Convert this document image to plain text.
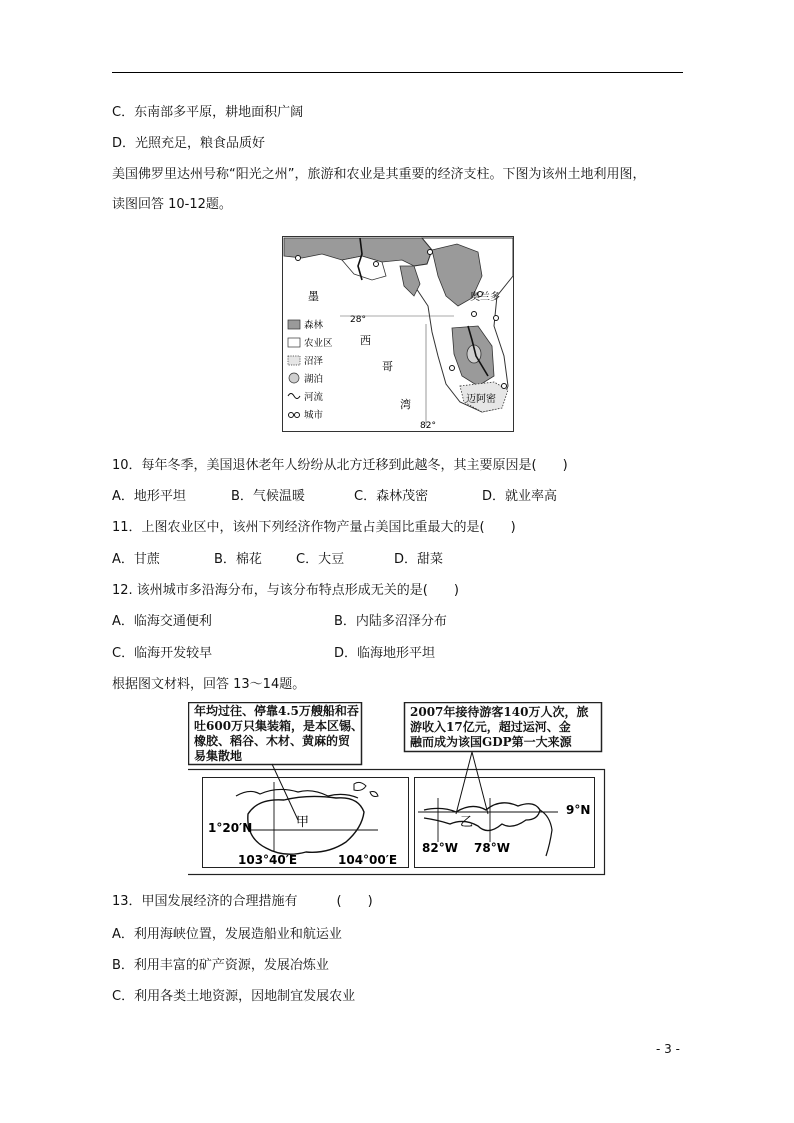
C．东南部多平原，耕地面积广阔
D．光照充足，粮食品质好
美国佛罗里达州号称“阳光之州”，旅游和农业是其重要的经济支柱。下图为该州土地利用图，
读图回答 10-12题。
墨
西
哥
湾
28°
82°
奥兰多
迈阿密
森林
农业区
沼泽
湖泊
河流
城市
10．每年冬季，美国退休老年人纷纷从北方迁移到此越冬，其主要原因是(　　)
A．地形平坦	B．气候温暖	C．森林茂密	D．就业率高
11．上图农业区中，该州下列经济作物产量占美国比重最大的是(　　)
A．甘蔗	B．棉花	C．大豆	D．甜菜
12. 该州城市多沿海分布，与该分布特点形成无关的是(　　)
A．临海交通便利	B．内陆多沼泽分布
C．临海开发较早	D．临海地形平坦
根据图文材料，回答 13～14题。
甲	乙
1°20′N
103°40′E	104°00′E
9°N
82°W 78°W
年均过往、停靠4.5万艘船和吞
吐600万只集装箱，是本区锡、
橡胶、稻谷、木材、黄麻的贸
易集散地
2007年接待游客140万人次，旅
游收入17亿元，超过运河、金
融而成为该国GDP第一大来源
13．甲国发展经济的合理措施有　　　(　　)
A．利用海峡位置，发展造船业和航运业
B．利用丰富的矿产资源，发展冶炼业
C．利用各类土地资源，因地制宜发展农业
- 3 -
